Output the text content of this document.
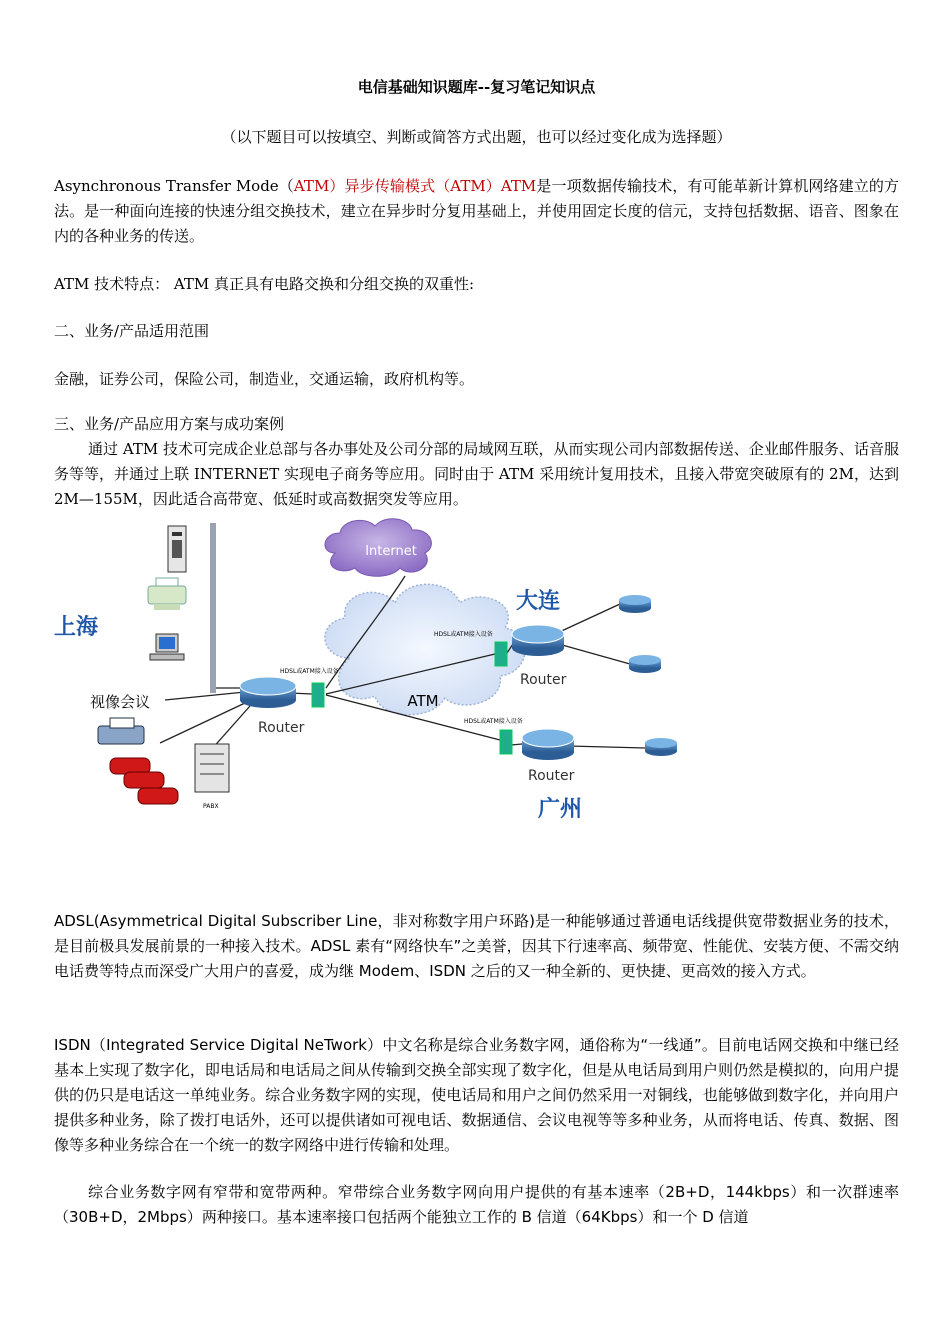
电信基础知识题库--复习笔记知识点
（以下题目可以按填空、判断或简答方式出题，也可以经过变化成为选择题）
Asynchronous Transfer Mode（ATM）异步传输模式（ATM）ATM是一项数据传输技术，有可能革新计算机网络建立的方法。是一种面向连接的快速分组交换技术，建立在异步时分复用基础上，并使用固定长度的信元，支持包括数据、语音、图象在内的各种业务的传送。
ATM 技术特点： ATM 真正具有电路交换和分组交换的双重性:
二、业务/产品适用范围
金融，证券公司，保险公司，制造业，交通运输，政府机构等。
三、业务/产品应用方案与成功案例
通过 ATM 技术可完成企业总部与各办事处及公司分部的局域网互联，从而实现公司内部数据传送、企业邮件服务、话音服务等等，并通过上联 INTERNET 实现电子商务等应用。同时由于 ATM 采用统计复用技术，且接入带宽突破原有的 2M，达到 2M—155M，因此适合高带宽、低延时或高数据突发等应用。
ADSL(Asymmetrical Digital Subscriber Line，非对称数字用户环路)是一种能够通过普通电话线提供宽带数据业务的技术，是目前极具发展前景的一种接入技术。ADSL 素有“网络快车”之美誉，因其下行速率高、频带宽、性能优、安装方便、不需交纳电话费等特点而深受广大用户的喜爱，成为继 Modem、ISDN 之后的又一种全新的、更快捷、更高效的接入方式。
ISDN（Integrated Service Digital NeTwork）中文名称是综合业务数字网，通俗称为“一线通”。目前电话网交换和中继已经基本上实现了数字化，即电话局和电话局之间从传输到交换全部实现了数字化，但是从电话局到用户则仍然是模拟的，向用户提供的仍只是电话这一单纯业务。综合业务数字网的实现，使电话局和用户之间仍然采用一对铜线，也能够做到数字化，并向用户提供多种业务，除了拨打电话外，还可以提供诸如可视电话、数据通信、会议电视等等多种业务，从而将电话、传真、数据、图像等多种业务综合在一个统一的数字网络中进行传输和处理。
综合业务数字网有窄带和宽带两种。窄带综合业务数字网向用户提供的有基本速率（2B+D，144kbps）和一次群速率（30B+D，2Mbps）两种接口。基本速率接口包括两个能独立工作的 B 信道（64Kbps）和一个 D 信道
ATM
Internet
HDSL或ATM接入设备
HDSL或ATM接入设备
HDSL或ATM接入设备
Router
Router
Router
视像会议
PABX
上海
大连
广州
